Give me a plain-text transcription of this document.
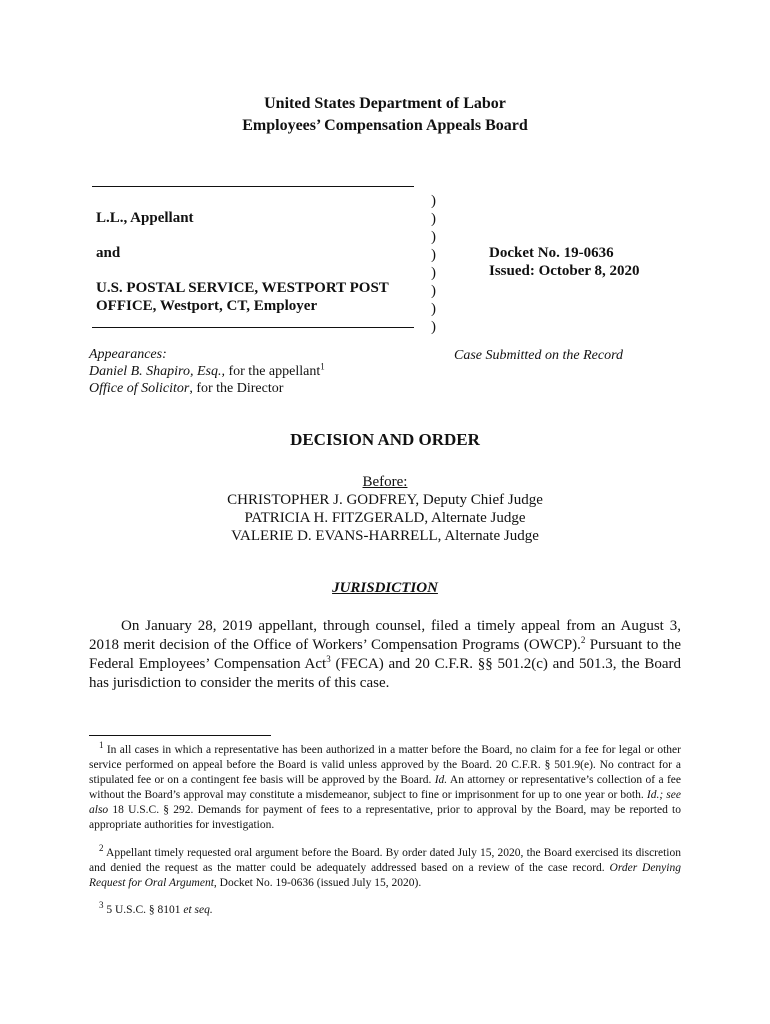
United States Department of Labor
Employees’ Compensation Appeals Board
L.L., Appellant
and
U.S. POSTAL SERVICE, WESTPORT POST
OFFICE, Westport, CT, Employer
)
)
)
)
)
)
)
)
Docket No. 19-0636
Issued: October 8, 2020
Appearances:
Daniel B. Shapiro, Esq., for the appellant$^1$
Office of Solicitor, for the Director
Case Submitted on the Record
DECISION AND ORDER
Before:
CHRISTOPHER J. GODFREY, Deputy Chief Judge
PATRICIA H. FITZGERALD, Alternate Judge
VALERIE D. EVANS-HARRELL, Alternate Judge
JURISDICTION
On January 28, 2019 appellant, through counsel, filed a timely appeal from an August 3, 2018 merit decision of the Office of Workers’ Compensation Programs (OWCP).$^2$ Pursuant to the Federal Employees’ Compensation Act$^3$ (FECA) and 20 C.F.R. §§ 501.2(c) and 501.3, the Board has jurisdiction to consider the merits of this case.
$^1$ In all cases in which a representative has been authorized in a matter before the Board, no claim for a fee for legal or other service performed on appeal before the Board is valid unless approved by the Board. 20 C.F.R. § 501.9(e). No contract for a stipulated fee or on a contingent fee basis will be approved by the Board. Id. An attorney or representative’s collection of a fee without the Board’s approval may constitute a misdemeanor, subject to fine or imprisonment for up to one year or both. Id.; see also 18 U.S.C. § 292. Demands for payment of fees to a representative, prior to approval by the Board, may be reported to appropriate authorities for investigation.
$^2$ Appellant timely requested oral argument before the Board. By order dated July 15, 2020, the Board exercised its discretion and denied the request as the matter could be adequately addressed based on a review of the case record. Order Denying Request for Oral Argument, Docket No. 19-0636 (issued July 15, 2020).
$^3$ 5 U.S.C. § 8101 et seq.
